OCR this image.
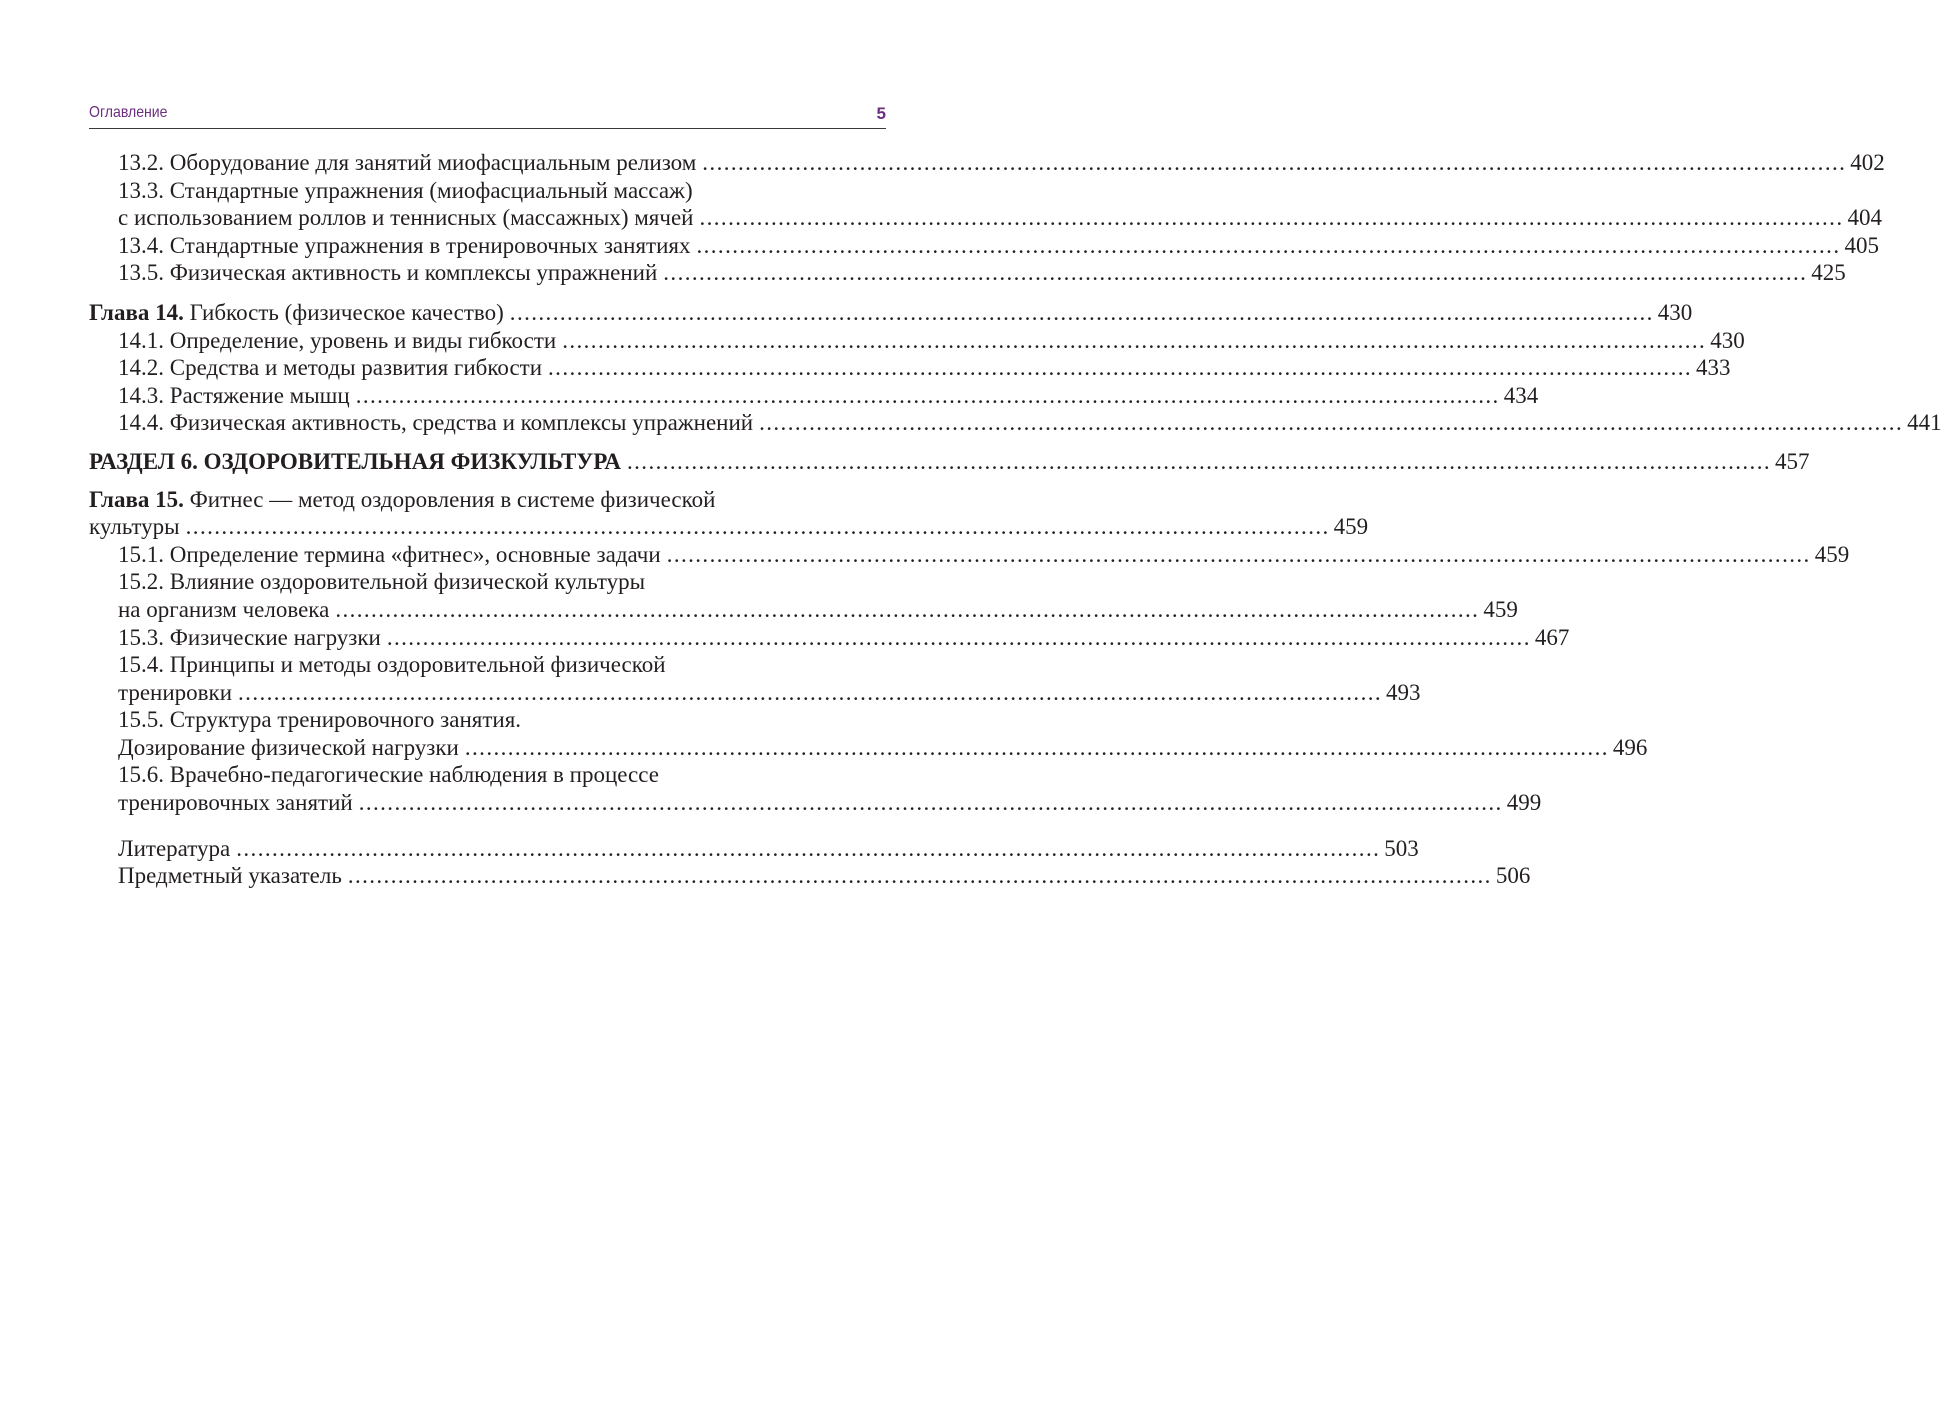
Оглавление	5
13.2. Оборудование для занятий миофасциальным релизом ................................................................................................................................................................ 402
13.3. Стандартные упражнения (миофасциальный массаж)
с использованием роллов и теннисных (массажных) мячей ................................................................................................................................................................ 404
13.4. Стандартные упражнения в тренировочных занятиях ................................................................................................................................................................ 405
13.5. Физическая активность и комплексы упражнений ................................................................................................................................................................ 425
Глава 14. Гибкость (физическое качество) ................................................................................................................................................................ 430
14.1. Определение, уровень и виды гибкости ................................................................................................................................................................ 430
14.2. Средства и методы развития гибкости ................................................................................................................................................................ 433
14.3. Растяжение мышц ................................................................................................................................................................ 434
14.4. Физическая активность, средства и комплексы упражнений ................................................................................................................................................................ 441
РАЗДЕЛ 6. ОЗДОРОВИТЕЛЬНАЯ ФИЗКУЛЬТУРА ................................................................................................................................................................ 457
Глава 15. Фитнес — метод оздоровления в системе физической
культуры ................................................................................................................................................................ 459
15.1. Определение термина «фитнес», основные задачи ................................................................................................................................................................ 459
15.2. Влияние оздоровительной физической культуры
на организм человека ................................................................................................................................................................ 459
15.3. Физические нагрузки ................................................................................................................................................................ 467
15.4. Принципы и методы оздоровительной физической
тренировки ................................................................................................................................................................ 493
15.5. Структура тренировочного занятия.
Дозирование физической нагрузки ................................................................................................................................................................ 496
15.6. Врачебно-педагогические наблюдения в процессе
тренировочных занятий ................................................................................................................................................................ 499
Литература ................................................................................................................................................................ 503
Предметный указатель ................................................................................................................................................................ 506
